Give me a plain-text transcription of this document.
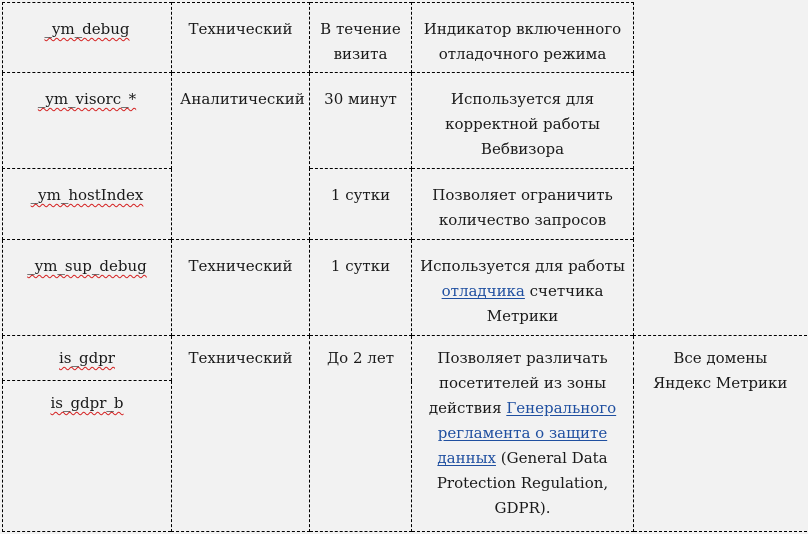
_ym_debug	Технический	В течение визита	Индикатор включенного отладочного режима	
_ym_visorc_*	Аналитический	30 минут	Используется для корректной работы Вебвизора	
_ym_hostIndex		1 сутки	Позволяет ограничить количество запросов	
_ym_sup_debug	Технический	1 сутки	Используется для работы отладчика счетчика Метрики	
is_gdpr	Технический	До 2 лет	Позволяет различать посетителей из зоны действия Генерального регламента о защите данных (General Data Protection Regulation, GDPR).	Все домены Яндекс Метрики
is_gdpr_b				
